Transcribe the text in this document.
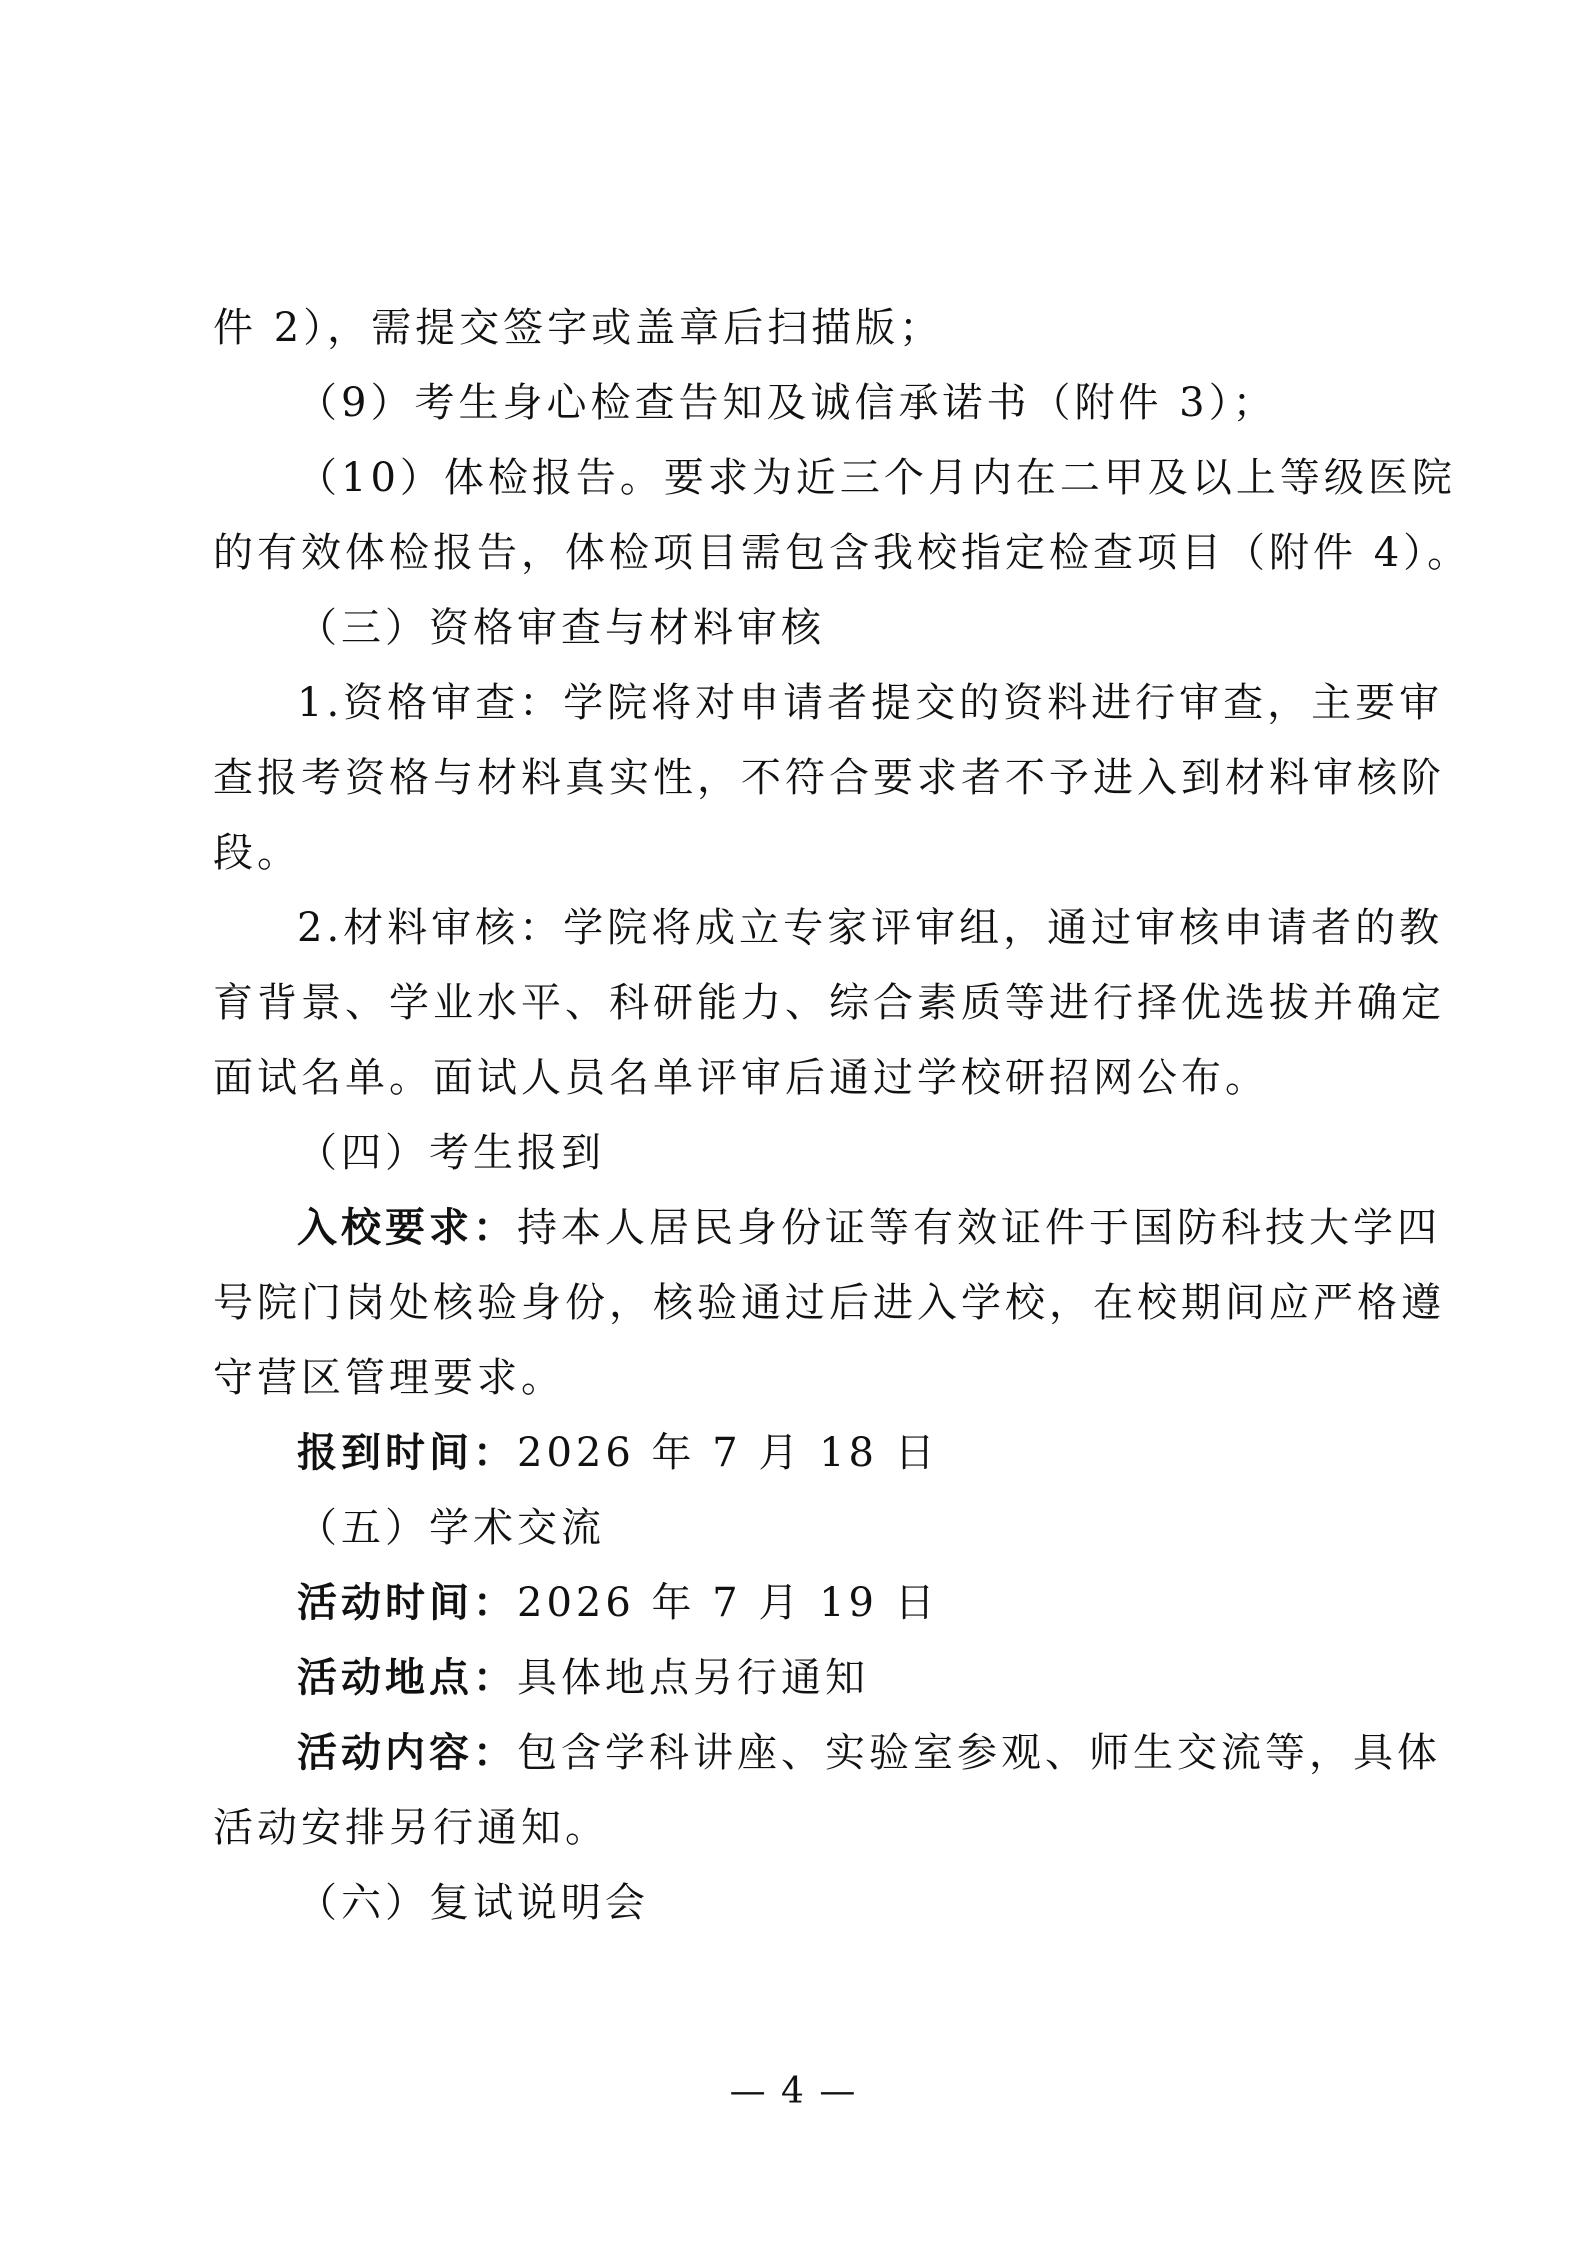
件 2），需提交签字或盖章后扫描版；
（9）考生身心检查告知及诚信承诺书（附件 3）；
（10）体检报告。要求为近三个月内在二甲及以上等级医院
的有效体检报告，体检项目需包含我校指定检查项目（附件 4）。
（三）资格审查与材料审核
1.资格审查：学院将对申请者提交的资料进行审查，主要审
查报考资格与材料真实性，不符合要求者不予进入到材料审核阶
段。
2.材料审核：学院将成立专家评审组，通过审核申请者的教
育背景、学业水平、科研能力、综合素质等进行择优选拔并确定
面试名单。面试人员名单评审后通过学校研招网公布。
（四）考生报到
入校要求：持本人居民身份证等有效证件于国防科技大学四
号院门岗处核验身份，核验通过后进入学校，在校期间应严格遵
守营区管理要求。
报到时间：2026 年 7 月 18 日
（五）学术交流
活动时间：2026 年 7 月 19 日
活动地点：具体地点另行通知
活动内容：包含学科讲座、实验室参观、师生交流等，具体
活动安排另行通知。
（六）复试说明会
— 4 —
